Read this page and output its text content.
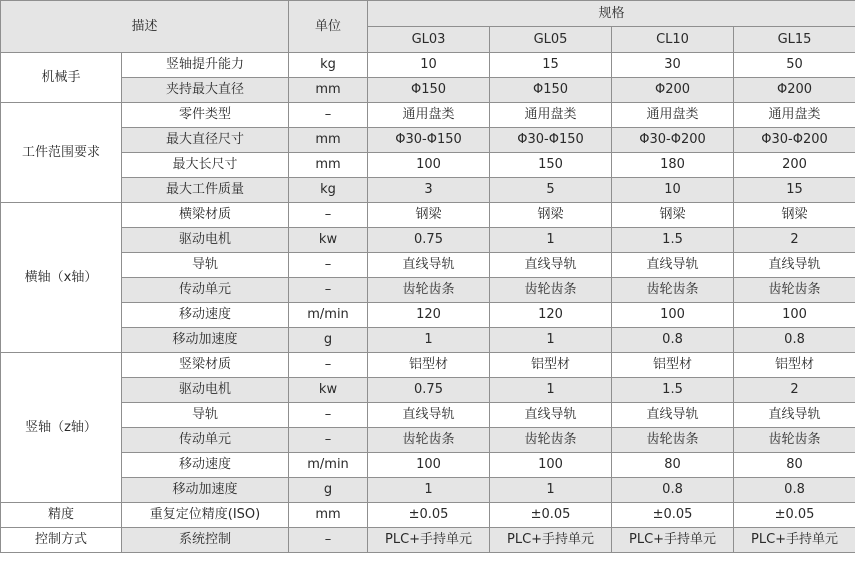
描述		单位	规格			
			GL03	GL05	CL10	GL15
机械手	竖轴提升能力	kg	10	15	30	50
	夹持最大直径	mm	Φ150	Φ150	Φ200	Φ200
工件范围要求	零件类型	–	通用盘类	通用盘类	通用盘类	通用盘类
	最大直径尺寸	mm	Φ30-Φ150	Φ30-Φ150	Φ30-Φ200	Φ30-Φ200
	最大长尺寸	mm	100	150	180	200
	最大工件质量	kg	3	5	10	15
横轴（x轴）	横梁材质	–	钢梁	钢梁	钢梁	钢梁
	驱动电机	kw	0.75	1	1.5	2
	导轨	–	直线导轨	直线导轨	直线导轨	直线导轨
	传动单元	–	齿轮齿条	齿轮齿条	齿轮齿条	齿轮齿条
	移动速度	m/min	120	120	100	100
	移动加速度	g	1	1	0.8	0.8
竖轴（z轴）	竖梁材质	–	铝型材	铝型材	铝型材	铝型材
	驱动电机	kw	0.75	1	1.5	2
	导轨	–	直线导轨	直线导轨	直线导轨	直线导轨
	传动单元	–	齿轮齿条	齿轮齿条	齿轮齿条	齿轮齿条
	移动速度	m/min	100	100	80	80
	移动加速度	g	1	1	0.8	0.8
精度	重复定位精度(ISO)	mm	±0.05	±0.05	±0.05	±0.05
控制方式	系统控制	–	PLC+手持单元	PLC+手持单元	PLC+手持单元	PLC+手持单元
